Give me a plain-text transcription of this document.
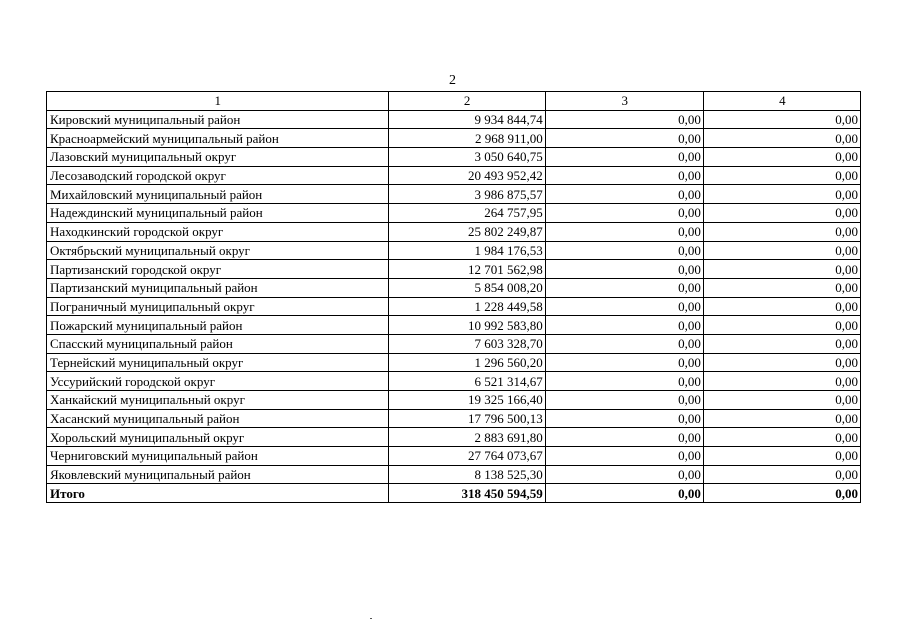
2
1	2	3	4
Кировский муниципальный район	9 934 844,74	0,00	0,00
Красноармейский муниципальный район	2 968 911,00	0,00	0,00
Лазовский муниципальный округ	3 050 640,75	0,00	0,00
Лесозаводский городской округ	20 493 952,42	0,00	0,00
Михайловский муниципальный район	3 986 875,57	0,00	0,00
Надеждинский муниципальный район	264 757,95	0,00	0,00
Находкинский городской округ	25 802 249,87	0,00	0,00
Октябрьский муниципальный округ	1 984 176,53	0,00	0,00
Партизанский городской округ	12 701 562,98	0,00	0,00
Партизанский муниципальный район	5 854 008,20	0,00	0,00
Пограничный муниципальный округ	1 228 449,58	0,00	0,00
Пожарский муниципальный район	10 992 583,80	0,00	0,00
Спасский муниципальный район	7 603 328,70	0,00	0,00
Тернейский муниципальный округ	1 296 560,20	0,00	0,00
Уссурийский городской округ	6 521 314,67	0,00	0,00
Ханкайский муниципальный округ	19 325 166,40	0,00	0,00
Хасанский муниципальный район	17 796 500,13	0,00	0,00
Хорольский муниципальный округ	2 883 691,80	0,00	0,00
Черниговский муниципальный район	27 764 073,67	0,00	0,00
Яковлевский муниципальный район	8 138 525,30	0,00	0,00
Итого	318 450 594,59	0,00	0,00
